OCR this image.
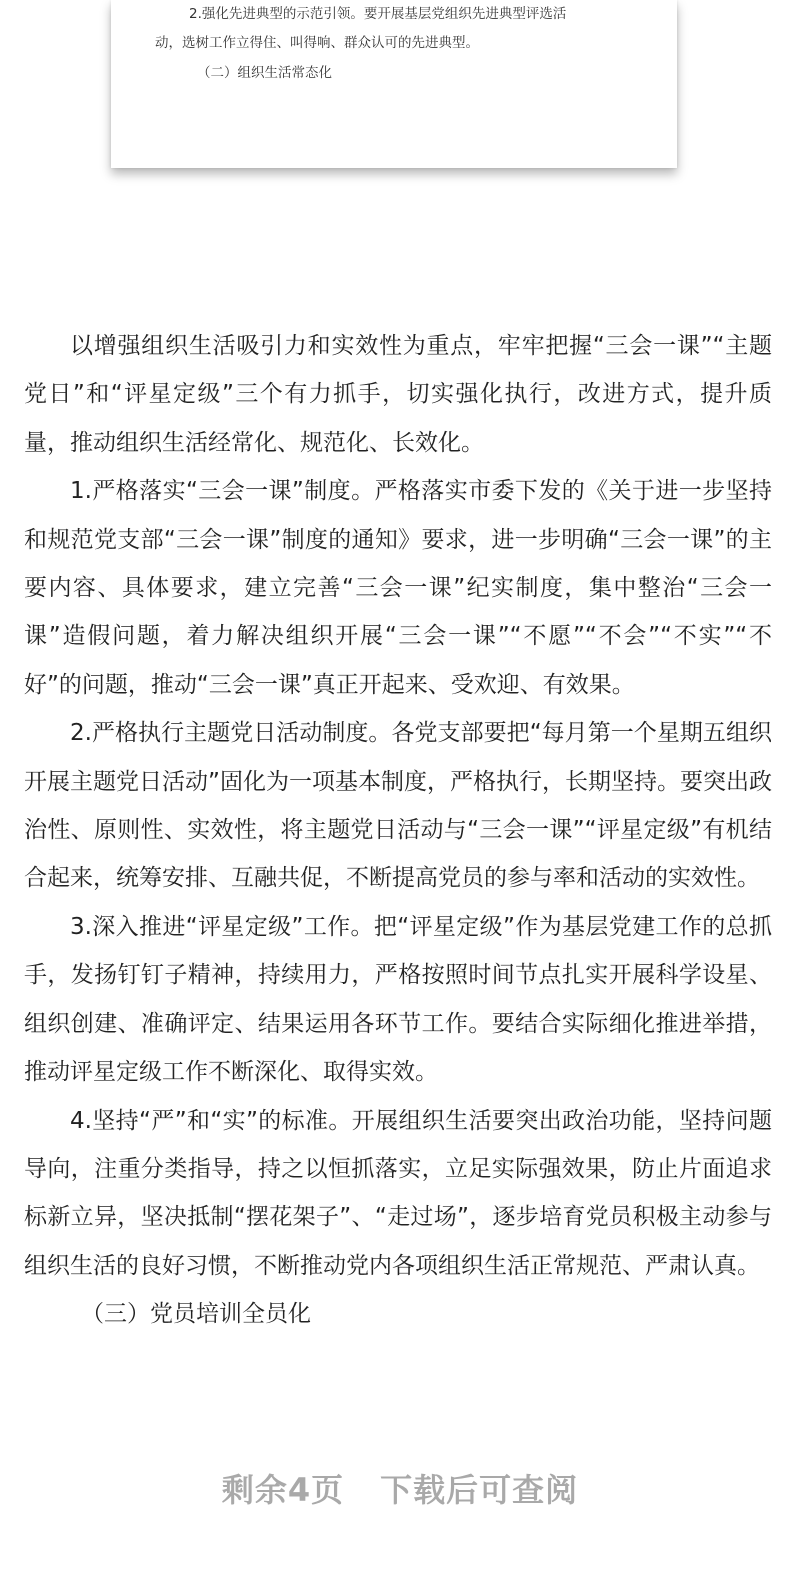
2.强化先进典型的示范引领。要开展基层党组织先进典型评选活
动，选树工作立得住、叫得响、群众认可的先进典型。
（二）组织生活常态化

以增强组织生活吸引力和实效性为重点，牢牢把握“三会一课”“主题党日”和“评星定级”三个有力抓手，切实强化执行，改进方式，提升质量，推动组织生活经常化、规范化、长效化。

1.严格落实“三会一课”制度。严格落实市委下发的《关于进一步坚持和规范党支部“三会一课”制度的通知》要求，进一步明确“三会一课”的主要内容、具体要求，建立完善“三会一课”纪实制度，集中整治“三会一课”造假问题，着力解决组织开展“三会一课”“不愿”“不会”“不实”“不好”的问题，推动“三会一课”真正开起来、受欢迎、有效果。

2.严格执行主题党日活动制度。各党支部要把“每月第一个星期五组织开展主题党日活动”固化为一项基本制度，严格执行，长期坚持。要突出政治性、原则性、实效性，将主题党日活动与“三会一课”“评星定级”有机结合起来，统筹安排、互融共促，不断提高党员的参与率和活动的实效性。

3.深入推进“评星定级”工作。把“评星定级”作为基层党建工作的总抓手，发扬钉钉子精神，持续用力，严格按照时间节点扎实开展科学设星、组织创建、准确评定、结果运用各环节工作。要结合实际细化推进举措，推动评星定级工作不断深化、取得实效。

4.坚持“严”和“实”的标准。开展组织生活要突出政治功能，坚持问题导向，注重分类指导，持之以恒抓落实，立足实际强效果，防止片面追求标新立异，坚决抵制“摆花架子”、“走过场”，逐步培育党员积极主动参与组织生活的良好习惯，不断推动党内各项组织生活正常规范、严肃认真。

（三）党员培训全员化

剩余4页 下载后可查阅
